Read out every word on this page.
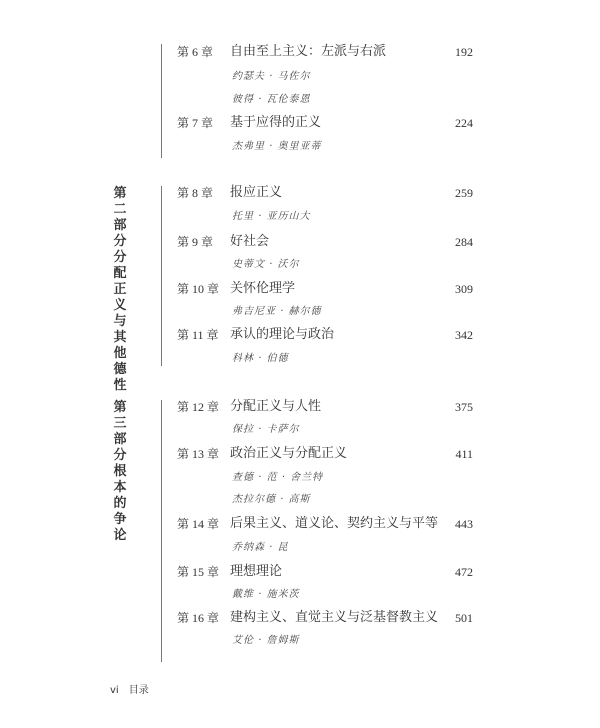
第 6 章 自由至上主义：左派与右派	192
约瑟夫 · 马佐尔
彼得 · 瓦伦泰恩
第 7 章 基于应得的正义	224
杰弗里 · 奥里亚蒂
第二部分 分配正义与其他德性
第 8 章 报应正义	259
托里 · 亚历山大
第 9 章 好社会	284
史蒂文 · 沃尔
第 10 章 关怀伦理学	309
弗吉尼亚 · 赫尔德
第 11 章 承认的理论与政治	342
科林 · 伯德
第三部分 根本的争论
第 12 章 分配正义与人性	375
保拉 · 卡萨尔
第 13 章 政治正义与分配正义	411
查德 · 范 · 舍兰特
杰拉尔德 · 高斯
第 14 章 后果主义、道义论、契约主义与平等 443
乔纳森 · 昆
第 15 章 理想理论	472
戴维 · 施米茨
第 16 章 建构主义、直觉主义与泛基督教主义 501
艾伦 · 詹姆斯
vi 目录
